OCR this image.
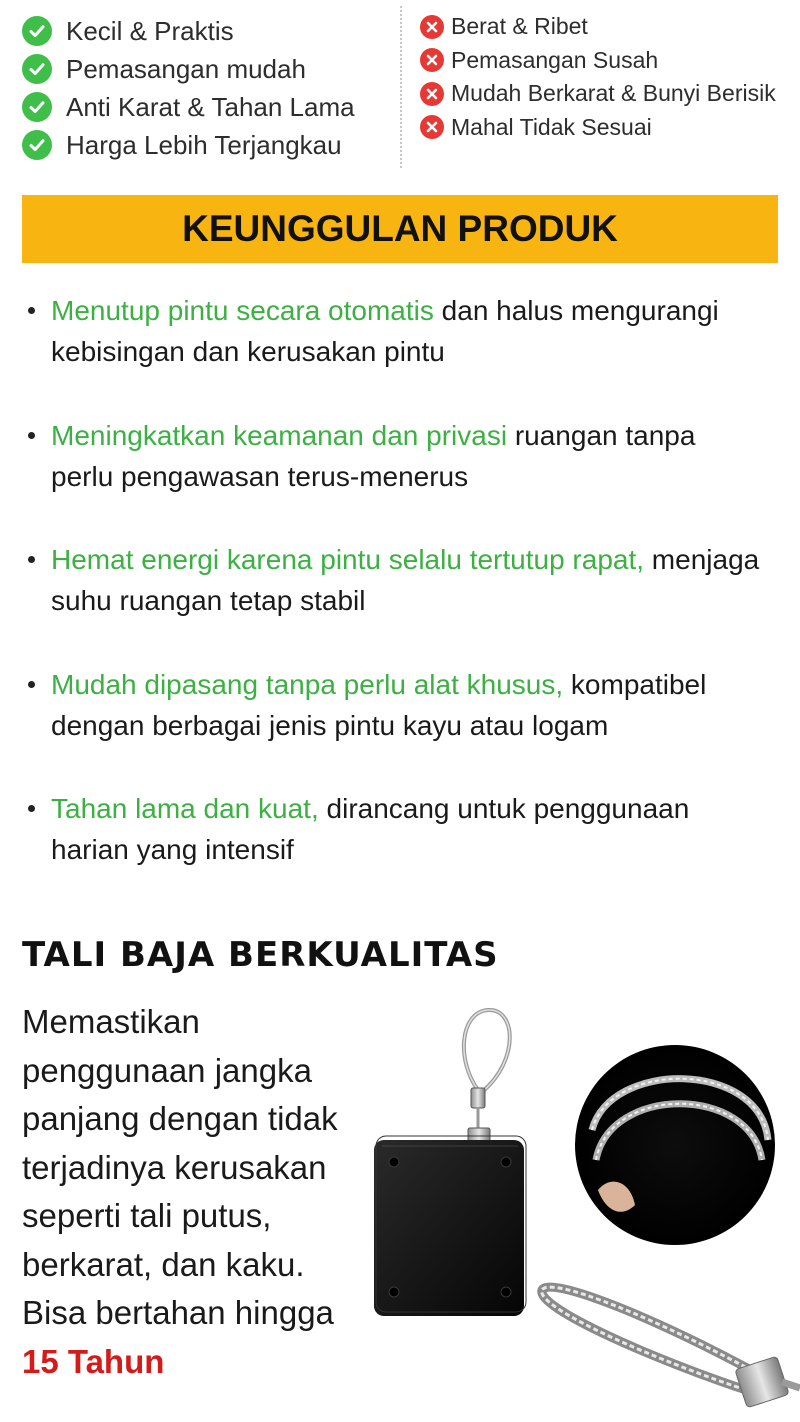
Kecil & Praktis
Pemasangan mudah
Anti Karat & Tahan Lama
Harga Lebih Terjangkau
Berat & Ribet
Pemasangan Susah
Mudah Berkarat & Bunyi Berisik
Mahal Tidak Sesuai
KEUNGGULAN PRODUK
Menutup pintu secara otomatis dan halus mengurangi
kebisingan dan kerusakan pintu
Meningkatkan keamanan dan privasi ruangan tanpa
perlu pengawasan terus-menerus
Hemat energi karena pintu selalu tertutup rapat, menjaga
suhu ruangan tetap stabil
Mudah dipasang tanpa perlu alat khusus, kompatibel
dengan berbagai jenis pintu kayu atau logam
Tahan lama dan kuat, dirancang untuk penggunaan
harian yang intensif
TALI BAJA BERKUALITAS
Memastikan
penggunaan jangka
panjang dengan tidak
terjadinya kerusakan
seperti tali putus,
berkarat, dan kaku.
Bisa bertahan hingga
15 Tahun
